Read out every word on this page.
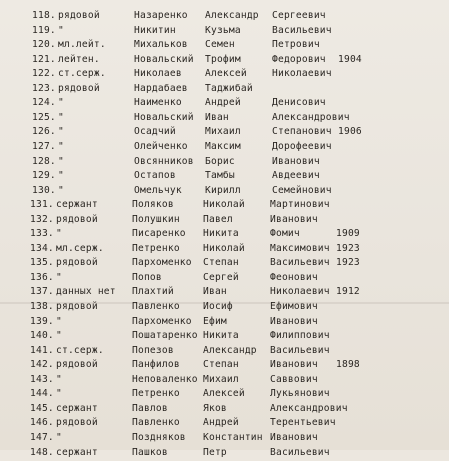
118. рядовой	Назаренко Александр Сергеевич
119. "	Никитин	Кузьма	Васильевич
120. мл.лейт.	Михальков Семен	Петрович
121. лейтен.	Новальский Трофим	Федорович 1904
122. ст.серж.	Николаев Алексей	Николаевич
123. рядовой	Нардабаев Таджибай
124. "	Наименко Андрей	Денисович
125. "	Новальский Иван	Александрович
126. "	Осадчий	Михаил	Степанович 1906
127. "	Олейченко Максим	Дорофеевич
128. "	Овсянников Борис	Иванович
129. "	Остапов	Тамбы	Авдеевич
130. "	Омельчук Кирилл	Семейнович
131. сержант	Поляков	Николай	Мартинович
132. рядовой	Полушкин Павел	Иванович
133. "	Писаренко Никита	Фомич	1909
134. мл.серж.	Петренко Николай	Максимович 1923
135. рядовой	Пархоменко Степан	Васильевич 1923
136. "	Попов	Сергей	Феонович
137. данных нет Плахтий	Иван	Николаевич 1912
138. рядовой	Павленко Иосиф	Ефимович
139. "	Пархоменко Ефим	Иванович
140. "	Пошатаренко Никита	Филиппович
141. ст.серж.	Попезов	Александр Васильевич
142. рядовой	Панфилов Степан	Иванович 1898
143. "	Неповаленко Михаил	Саввович
144. "	Петренко Алексей	Лукьянович
145. сержант	Павлов	Яков	Александрович
146. рядовой	Павленко Андрей	Терентьевич
147. "	Поздняков Константин Иванович
148. сержант	Пашков	Петр	Васильевич
